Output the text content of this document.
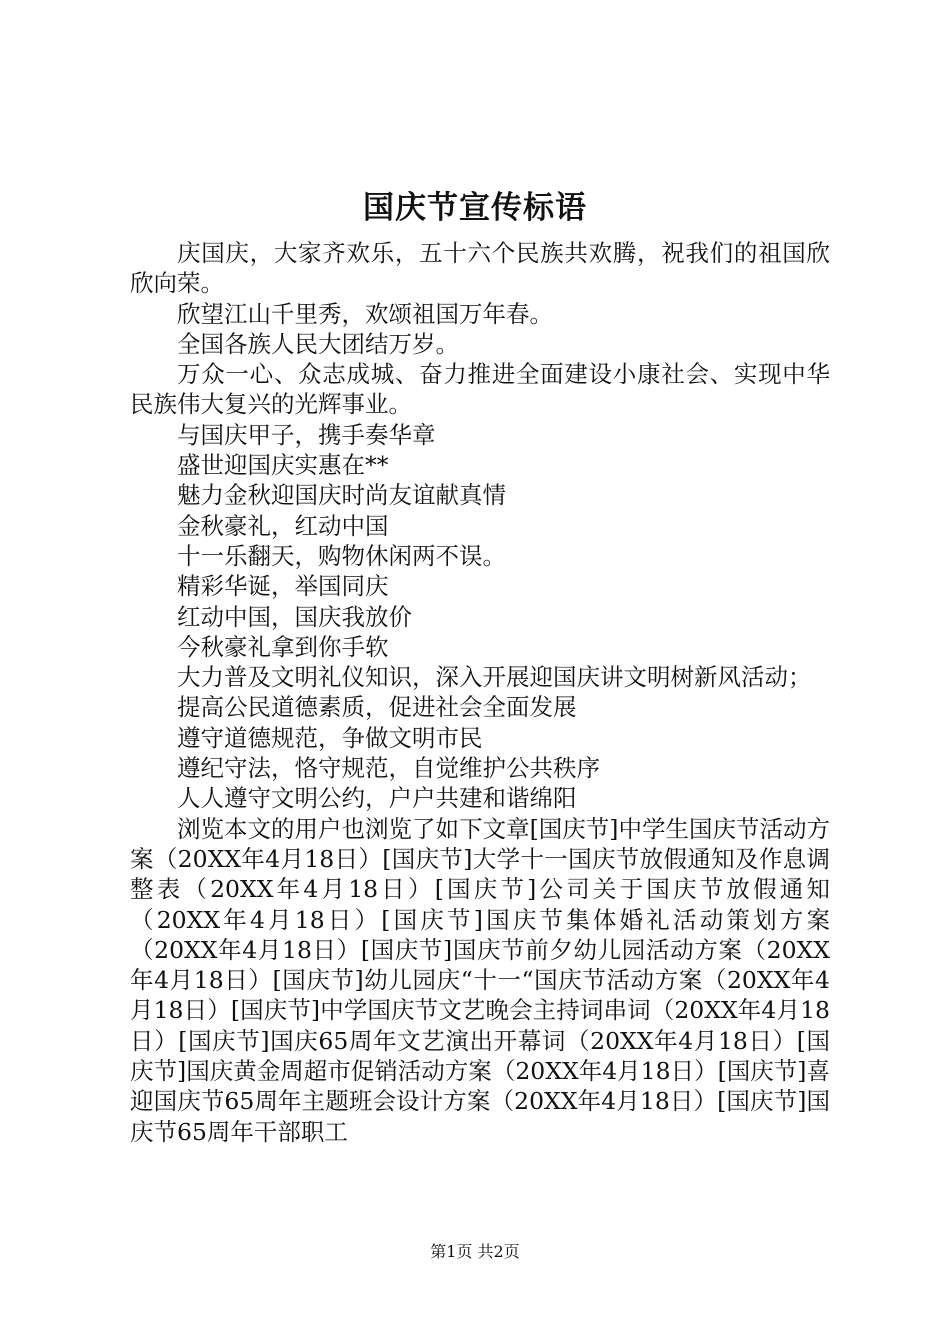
国庆节宣传标语

庆国庆，大家齐欢乐，五十六个民族共欢腾，祝我们的祖国欣欣向荣。

欣望江山千里秀，欢颂祖国万年春。

全国各族人民大团结万岁。

万众一心、众志成城、奋力推进全面建设小康社会、实现中华民族伟大复兴的光辉事业。

与国庆甲子，携手奏华章

盛世迎国庆实惠在**

魅力金秋迎国庆时尚友谊献真情

金秋豪礼，红动中国

十一乐翻天，购物休闲两不误。

精彩华诞，举国同庆

红动中国，国庆我放价

今秋豪礼拿到你手软

大力普及文明礼仪知识，深入开展迎国庆讲文明树新风活动；

提高公民道德素质，促进社会全面发展

遵守道德规范，争做文明市民

遵纪守法，恪守规范，自觉维护公共秩序

人人遵守文明公约，户户共建和谐绵阳

浏览本文的用户也浏览了如下文章[国庆节]中学生国庆节活动方案（20XX年4月18日）[国庆节]大学十一国庆节放假通知及作息调整表（20XX年4月18日）[国庆节]公司关于国庆节放假通知（20XX年4月18日）[国庆节]国庆节集体婚礼活动策划方案（20XX年4月18日）[国庆节]国庆节前夕幼儿园活动方案（20XX年4月18日）[国庆节]幼儿园庆“十一“国庆节活动方案（20XX年4月18日）[国庆节]中学国庆节文艺晚会主持词串词（20XX年4月18日）[国庆节]国庆65周年文艺演出开幕词（20XX年4月18日）[国庆节]国庆黄金周超市促销活动方案（20XX年4月18日）[国庆节]喜迎国庆节65周年主题班会设计方案（20XX年4月18日）[国庆节]国庆节65周年干部职工

第1页 共2页
